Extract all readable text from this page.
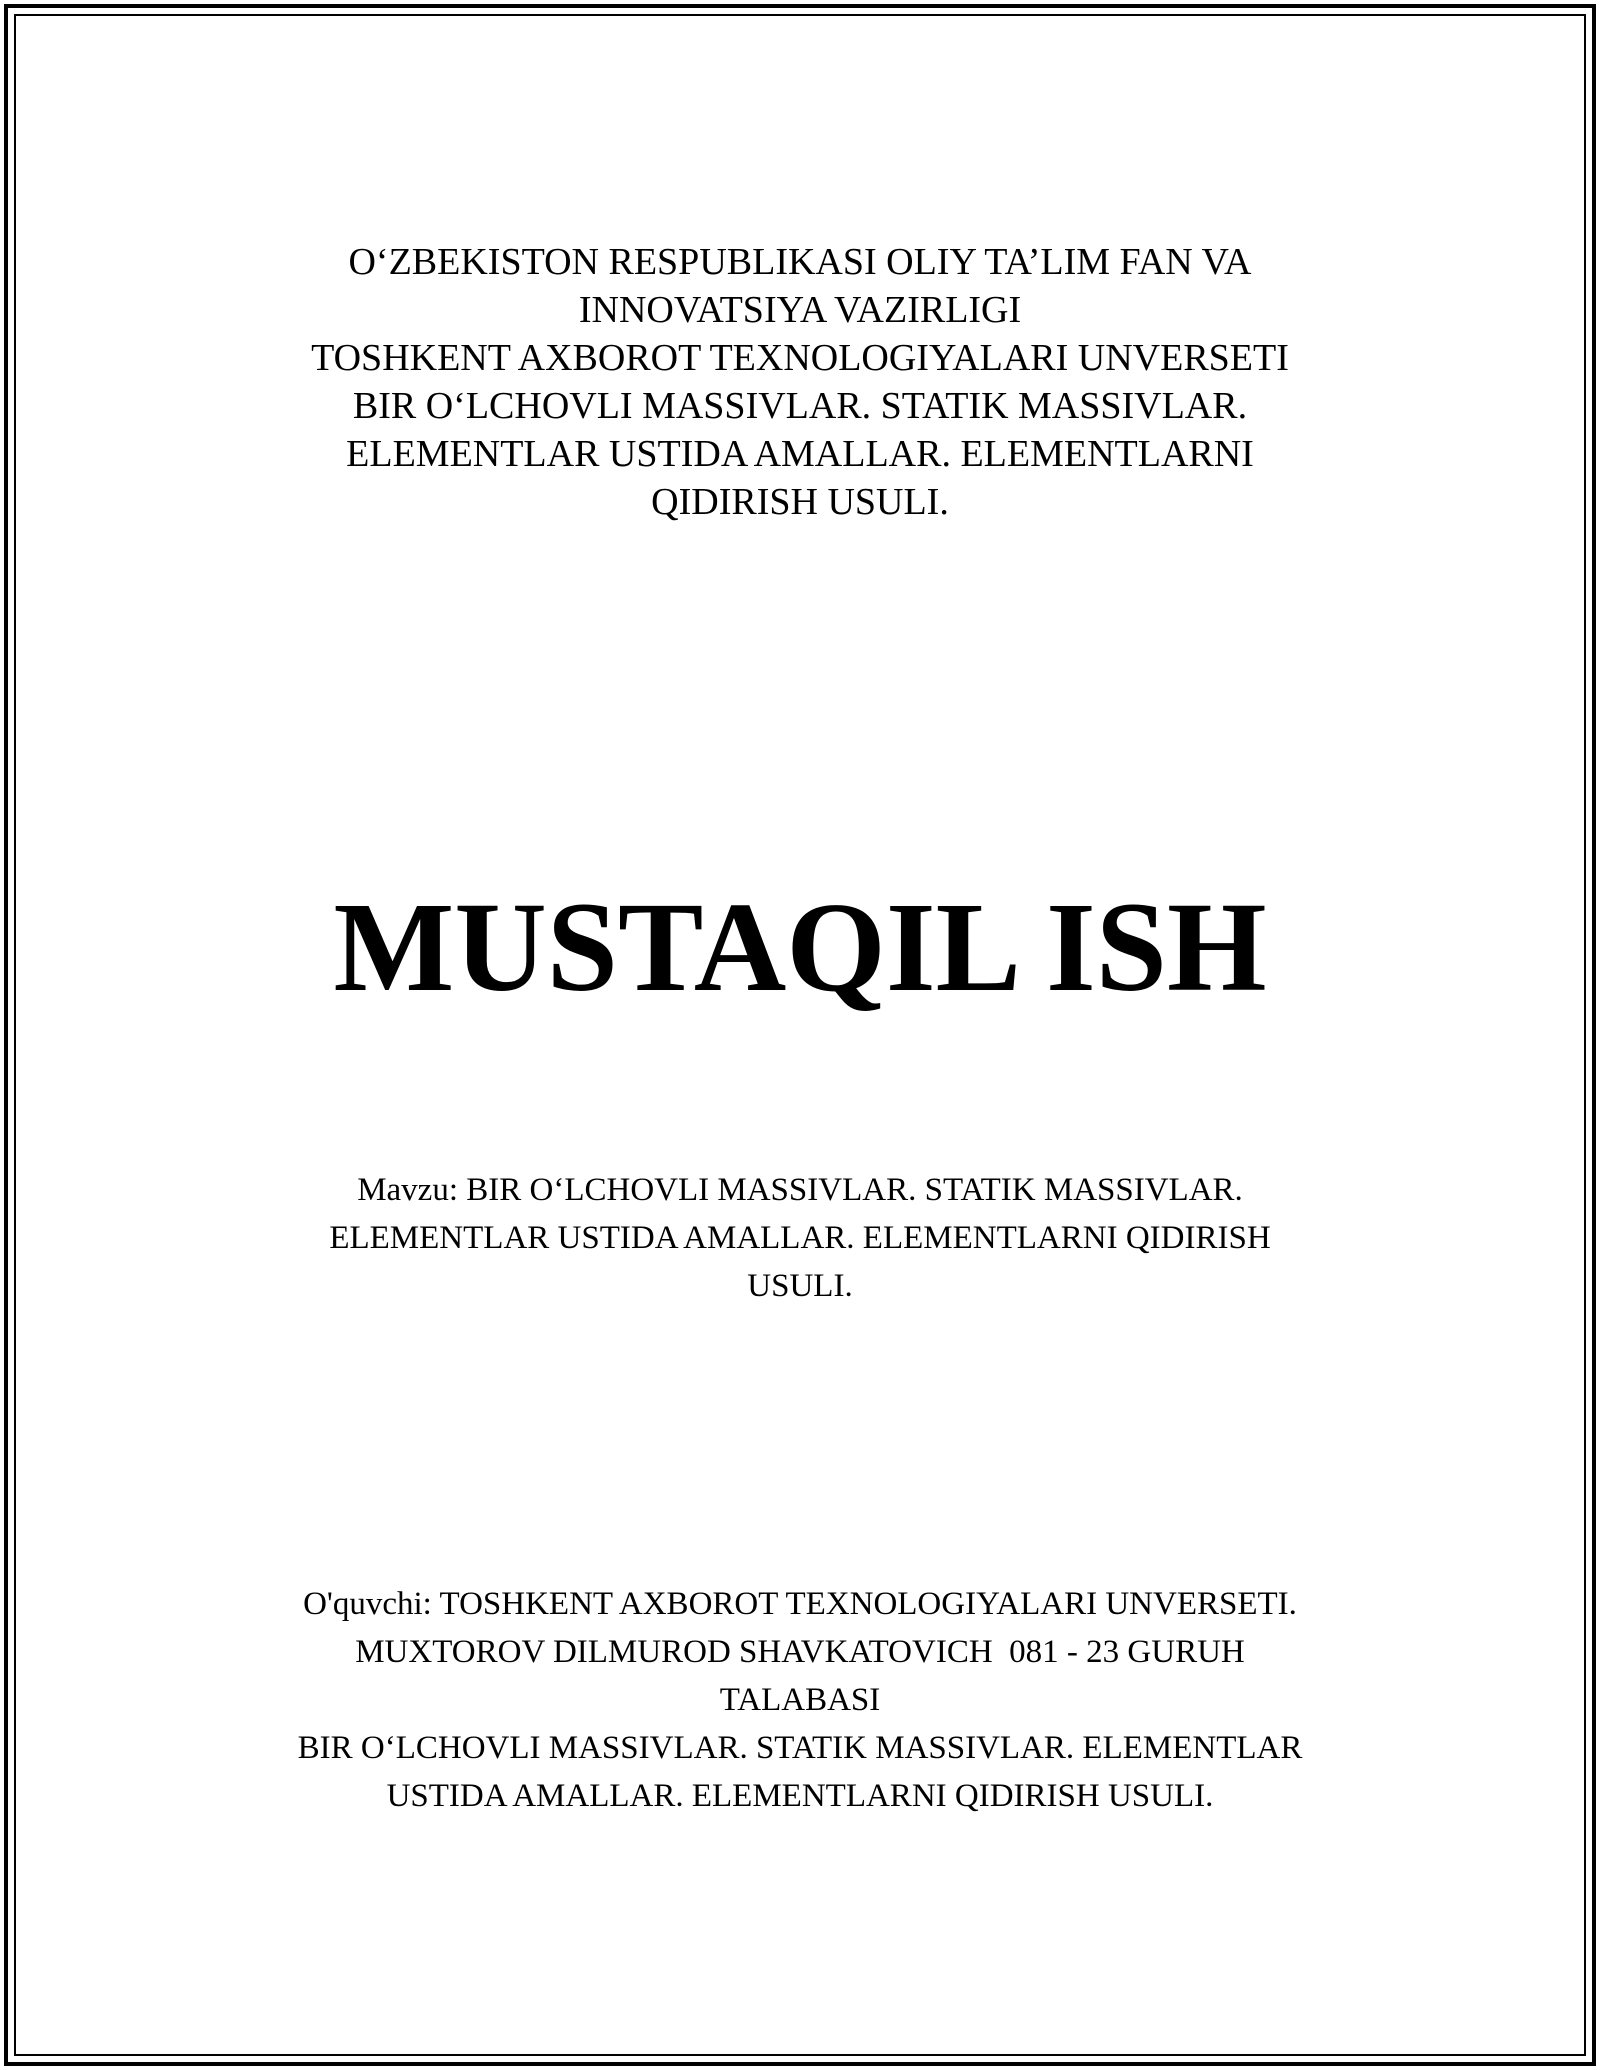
O‘ZBEKISTON RESPUBLIKASI OLIY TA’LIM FAN VA
INNOVATSIYA VAZIRLIGI
TOSHKENT AXBOROT TEXNOLOGIYALARI UNVERSETI
BIR O‘LCHOVLI MASSIVLAR. STATIK MASSIVLAR.
ELEMENTLAR USTIDA AMALLAR. ELEMENTLARNI
QIDIRISH USULI.
MUSTAQIL ISH
Mavzu: BIR O‘LCHOVLI MASSIVLAR. STATIK MASSIVLAR.
ELEMENTLAR USTIDA AMALLAR. ELEMENTLARNI QIDIRISH
USULI.
O'quvchi: TOSHKENT AXBOROT TEXNOLOGIYALARI UNVERSETI.
MUXTOROV DILMUROD SHAVKATOVICH  081 - 23 GURUH
TALABASI
BIR O‘LCHOVLI MASSIVLAR. STATIK MASSIVLAR. ELEMENTLAR
USTIDA AMALLAR. ELEMENTLARNI QIDIRISH USULI.
